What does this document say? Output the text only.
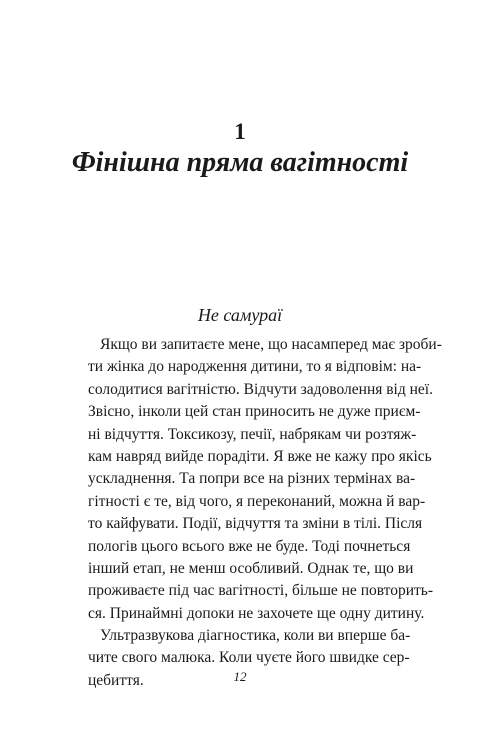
1
Фінішна пряма вагітності
Не самураї
Якщо ви запитаєте мене, що насамперед має зроби-
ти жінка до народження дитини, то я відповім: на-
солодитися вагітністю. Відчути задоволення від неї.
Звісно, інколи цей стан приносить не дуже приєм-
ні відчуття. Токсикозу, печії, набрякам чи розтяж-
кам навряд вийде порадіти. Я вже не кажу про якісь
ускладнення. Та попри все на різних термінах ва-
гітності є те, від чого, я переконаний, можна й вар-
то кайфувати. Події, відчуття та зміни в тілі. Після
пологів цього всього вже не буде. Тоді почнеться
інший етап, не менш особливий. Однак те, що ви
проживаєте під час вагітності, більше не повторить-
ся. Принаймні допоки не захочете ще одну дитину.
Ультразвукова діагностика, коли ви вперше ба-
чите свого малюка. Коли чуєте його швидке сер-
цебиття.	12
